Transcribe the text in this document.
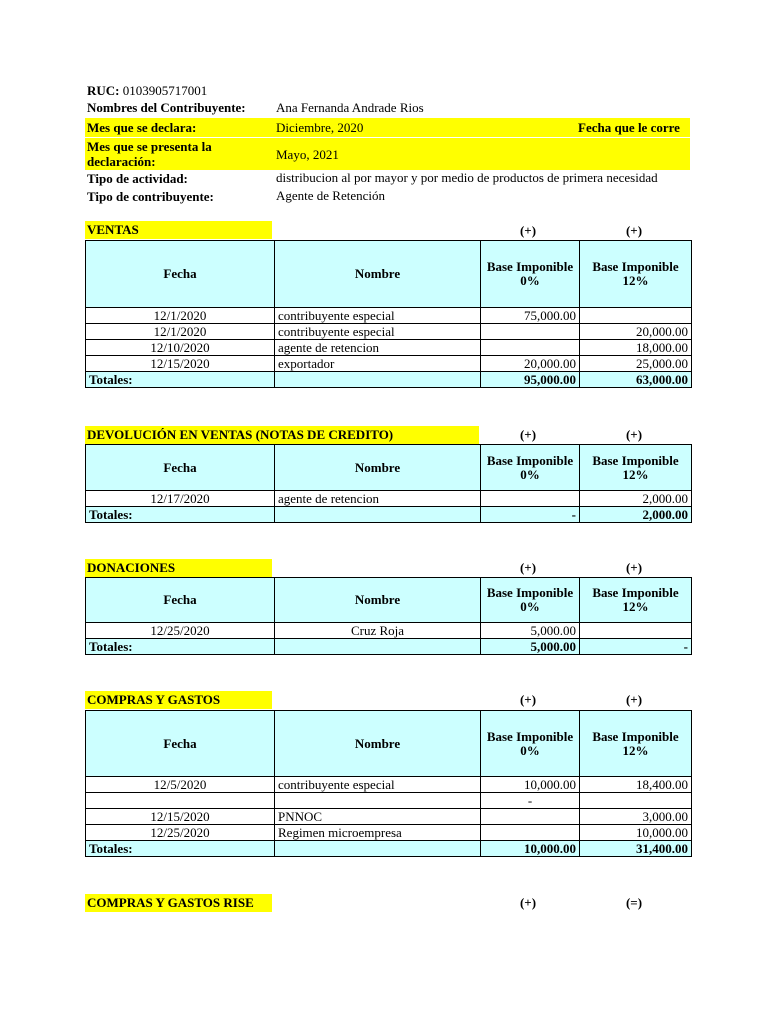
RUC: 0103905717001
Nombres del Contribuyente: Ana Fernanda Andrade Rios
Mes que se declara:	Diciembre, 2020	Fecha que le corre
Mes que se presenta la
declaración:	Mayo, 2021
Tipo de actividad:	distribucion al por mayor y por medio de productos de primera necesidad
Tipo de contribuyente:	Agente de Retención
VENTAS	(+)	(+)
Fecha	Nombre	Base Imponible 0%	Base Imponible 12%
12/1/2020	contribuyente especial	75,000.00	
12/1/2020	contribuyente especial		20,000.00
12/10/2020	agente de retencion		18,000.00
12/15/2020	exportador	20,000.00	25,000.00
Totales:		95,000.00	63,000.00
DEVOLUCIÓN EN VENTAS (NOTAS DE CREDITO)	(+)	(+)
Fecha	Nombre	Base Imponible 0%	Base Imponible 12%
12/17/2020	agente de retencion		2,000.00
Totales:		-	2,000.00
DONACIONES	(+)	(+)
Fecha	Nombre	Base Imponible 0%	Base Imponible 12%
12/25/2020	Cruz Roja	5,000.00	
Totales:		5,000.00	-
COMPRAS Y GASTOS	(+)	(+)
Fecha	Nombre	Base Imponible 0%	Base Imponible 12%
12/5/2020	contribuyente especial	10,000.00	18,400.00
		-	
12/15/2020	PNNOC		3,000.00
12/25/2020	Regimen microempresa		10,000.00
Totales:		10,000.00	31,400.00
COMPRAS Y GASTOS RISE	(+)	(=)
